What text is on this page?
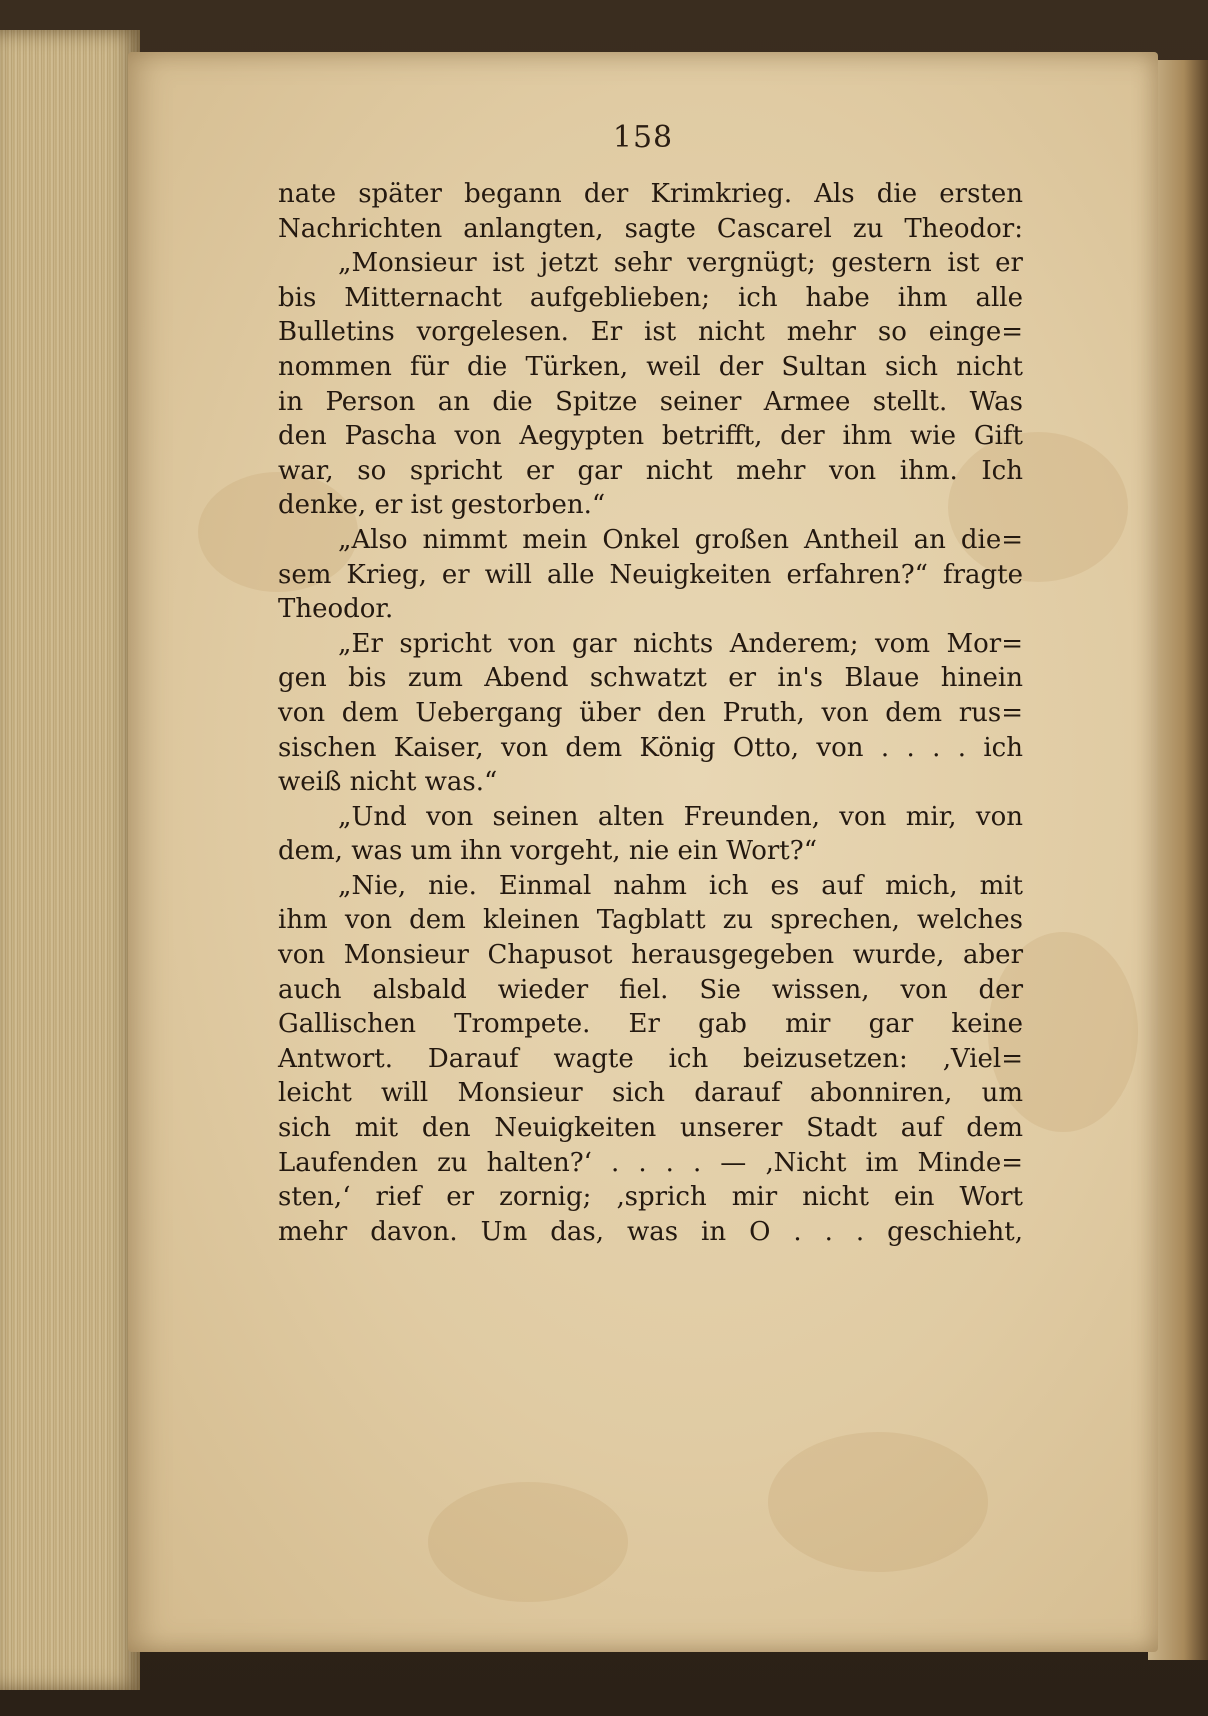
158
nate später begann der Krimkrieg. Als die ersten
Nachrichten anlangten, sagte Cascarel zu Theodor:
„Monsieur ist jetzt sehr vergnügt; gestern ist er
bis Mitternacht aufgeblieben; ich habe ihm alle
Bulletins vorgelesen. Er ist nicht mehr so einge=
nommen für die Türken, weil der Sultan sich nicht
in Person an die Spitze seiner Armee stellt. Was
den Pascha von Aegypten betrifft, der ihm wie Gift
war, so spricht er gar nicht mehr von ihm. Ich
denke, er ist gestorben.“
„Also nimmt mein Onkel großen Antheil an die=
sem Krieg, er will alle Neuigkeiten erfahren?“ fragte
Theodor.
„Er spricht von gar nichts Anderem; vom Mor=
gen bis zum Abend schwatzt er in's Blaue hinein
von dem Uebergang über den Pruth, von dem rus=
sischen Kaiser, von dem König Otto, von . . . . ich
weiß nicht was.“
„Und von seinen alten Freunden, von mir, von
dem, was um ihn vorgeht, nie ein Wort?“
„Nie, nie. Einmal nahm ich es auf mich, mit
ihm von dem kleinen Tagblatt zu sprechen, welches
von Monsieur Chapusot herausgegeben wurde, aber
auch alsbald wieder fiel. Sie wissen, von der
Gallischen Trompete. Er gab mir gar keine
Antwort. Darauf wagte ich beizusetzen: ‚Viel=
leicht will Monsieur sich darauf abonniren, um
sich mit den Neuigkeiten unserer Stadt auf dem
Laufenden zu halten?‘ . . . . — ‚Nicht im Minde=
sten,‘ rief er zornig; ‚sprich mir nicht ein Wort
mehr davon. Um das, was in O . . . geschieht,
